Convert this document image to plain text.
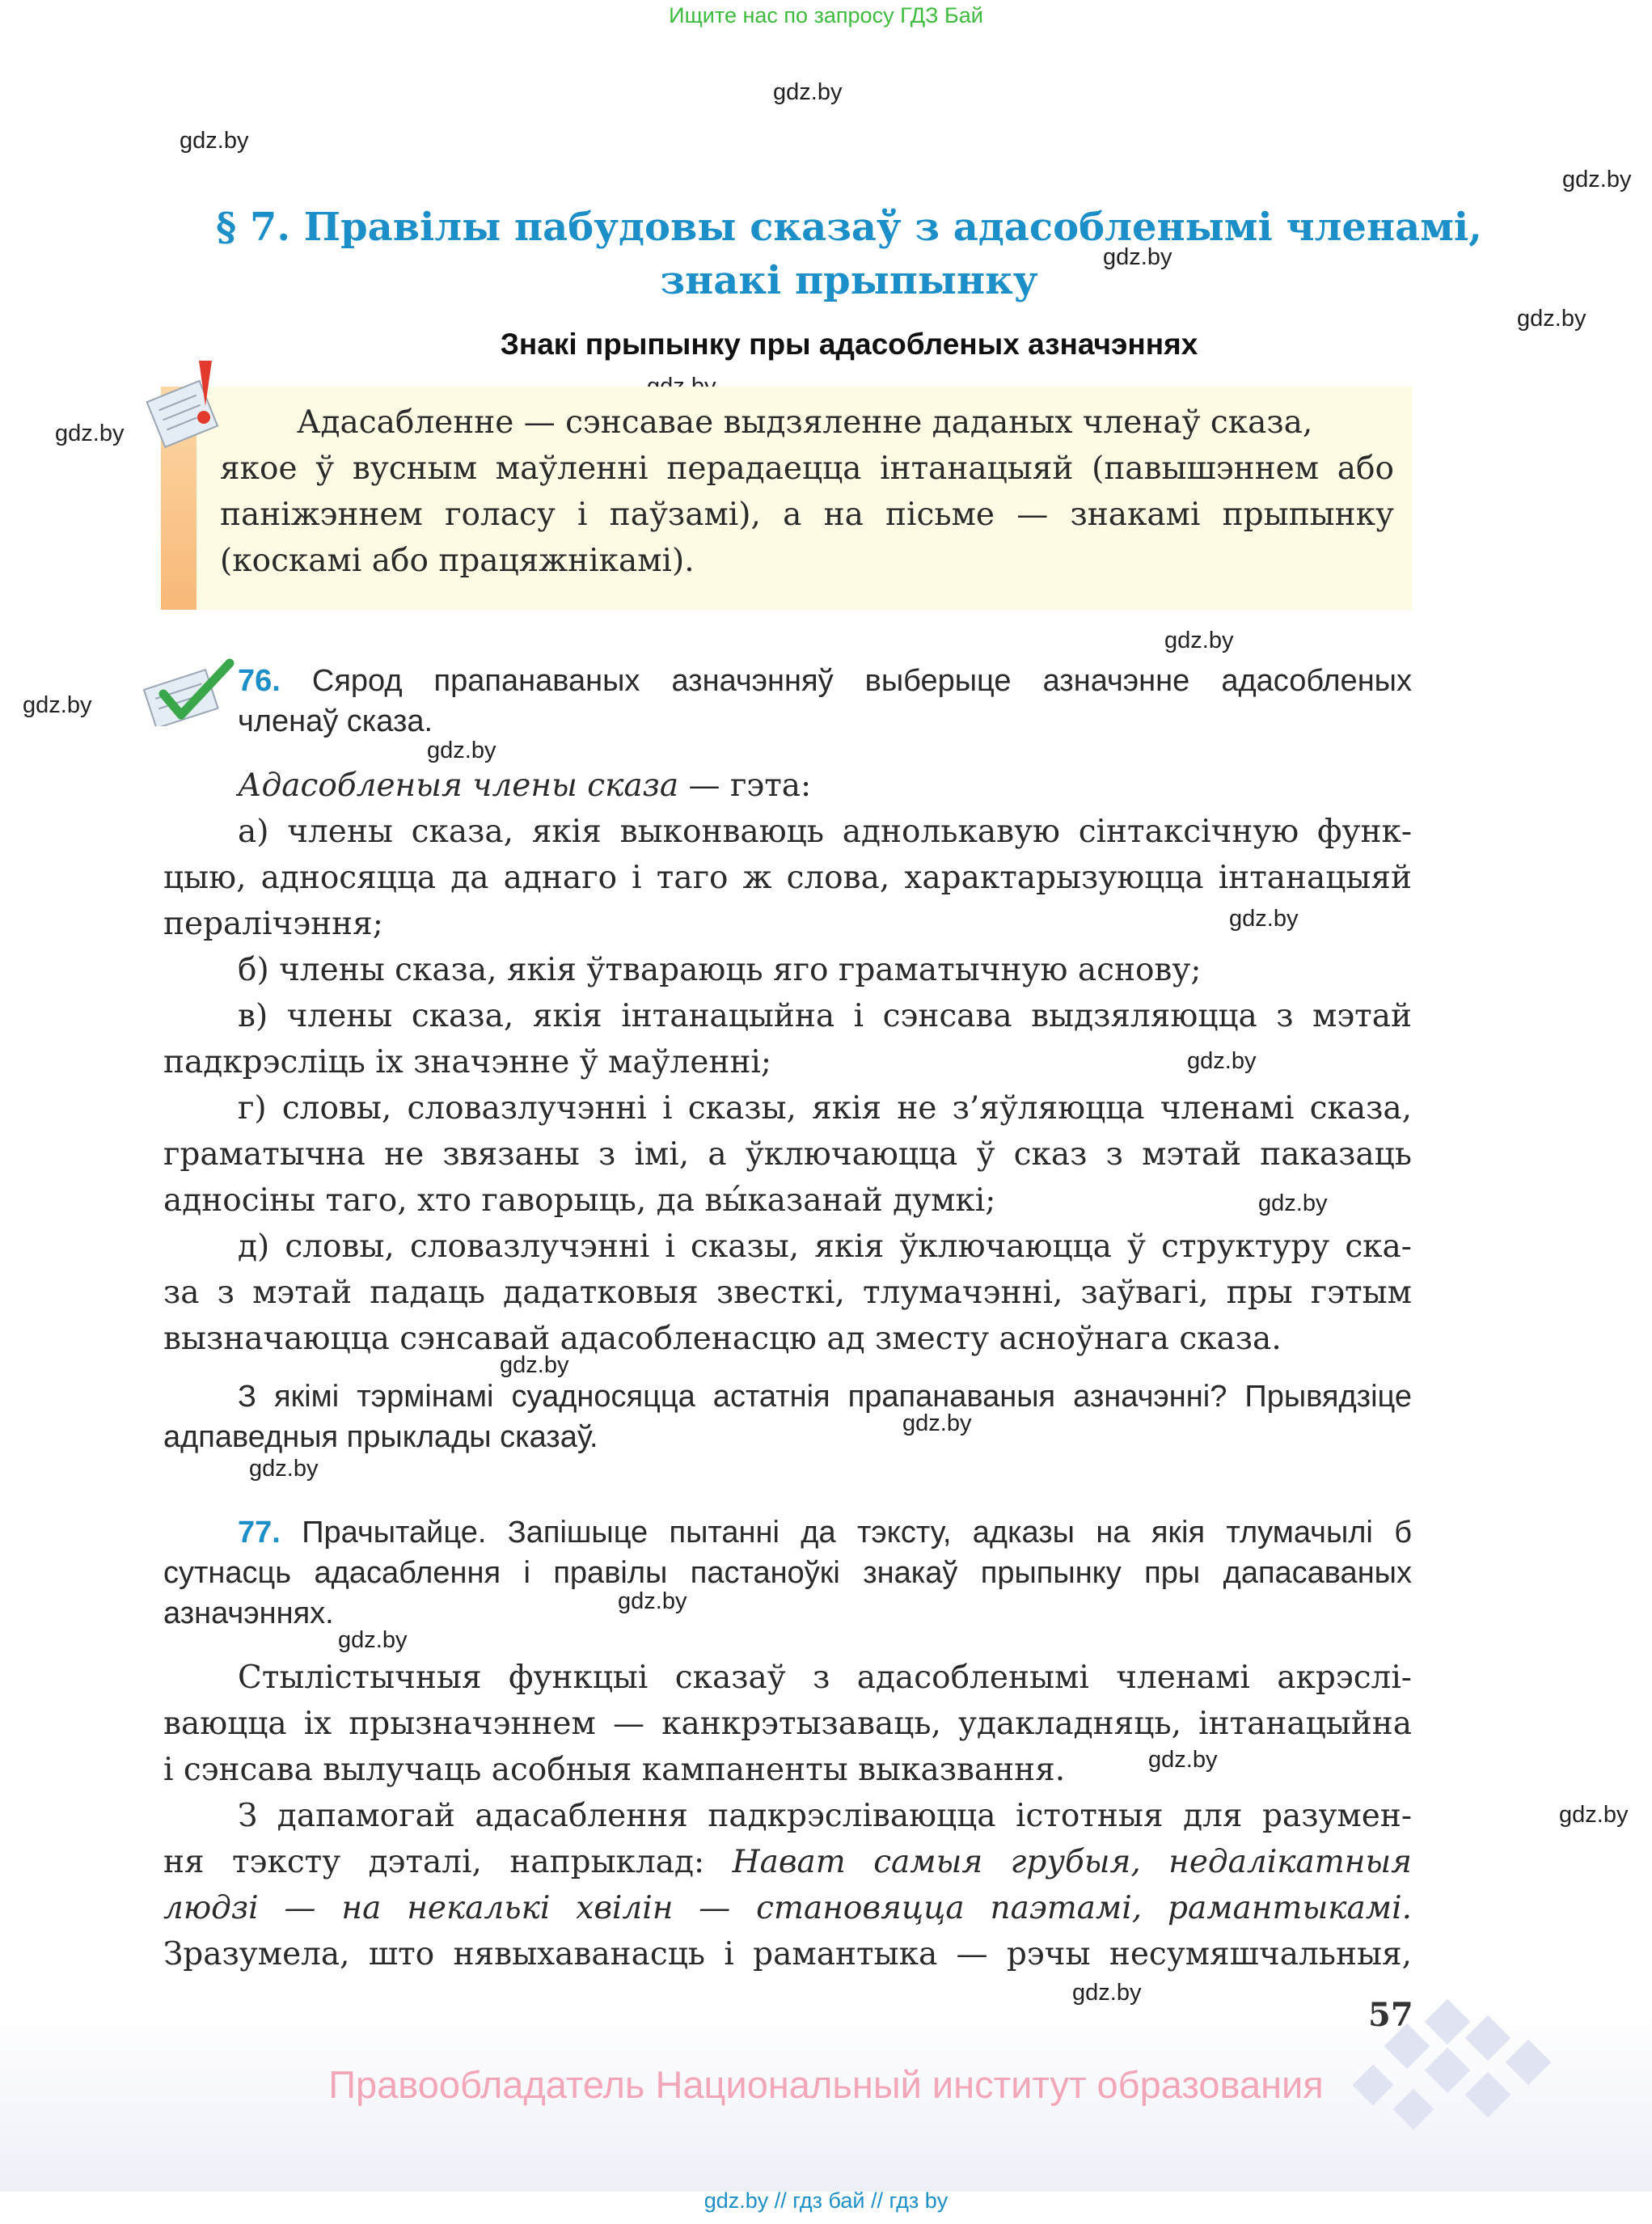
Ищите нас по запросу ГДЗ Бай
gdz.by
gdz.by
gdz.by
gdz.by
gdz.by
gdz.by
gdz.by
gdz.by
gdz.by
gdz.by
gdz.by
gdz.by
gdz.by
gdz.by
gdz.by
gdz.by
gdz.by
gdz.by
gdz.by
gdz.by
§ 7. Правілы пабудовы сказаў з адасобленымі членамі,
знакі прыпынку
Знакі прыпынку пры адасобленых азначэннях
Адасабленне — сэнсавае выдзяленне даданых членаў сказа,
якое ў вусным маўленні перадаецца інтанацыяй (павышэннем або
паніжэннем голасу і паўзамі), а на пісьме — знакамі прыпынку
(коскамі або працяжнікамі).
76. Сярод прапанаваных азначэнняў выберыце азначэнне адасобленых
членаў сказа.
Адасобленыя члены сказа — гэта:
а) члены сказа, якія выконваюць аднолькавую сінтаксічную функ-
цыю, адносяцца да аднаго і таго ж слова, характарызуюцца інтанацыяй
пералічэння;
б) члены сказа, якія ўтвараюць яго граматычную аснову;
в) члены сказа, якія інтанацыйна і сэнсава выдзяляюцца з мэтай
падкрэсліць іх значэнне ў маўленні;
г) словы, словазлучэнні і сказы, якія не з’яўляюцца членамі сказа,
граматычна не звязаны з імі, а ўключаюцца ў сказ з мэтай паказаць
адносіны таго, хто гаворыць, да вы́казанай думкі;
д) словы, словазлучэнні і сказы, якія ўключаюцца ў структуру ска-
за з мэтай падаць дадатковыя звесткі, тлумачэнні, заўвагі, пры гэтым
вызначаюцца сэнсавай адасобленасцю ад зместу асноўнага сказа.
З якімі тэрмінамі суадносяцца астатнія прапанаваныя азначэнні? Прывядзіце
адпаведныя прыклады сказаў.
77. Прачытайце. Запішыце пытанні да тэксту, адказы на якія тлумачылі б
сутнасць адасаблення і правілы пастаноўкі знакаў прыпынку пры дапасаваных
азначэннях.
Стылістычныя функцыі сказаў з адасобленымі членамі акрэслі-
ваюцца іх прызначэннем — канкрэтызаваць, удакладняць, інтанацыйна
і сэнсава вылучаць асобныя кампаненты выказвання.
З дапамогай адасаблення падкрэсліваюцца істотныя для разумен-
ня тэксту дэталі, напрыклад: Нават самыя грубыя, недалікатныя
людзі — на некалькі хвілін — становяцца паэтамі, рамантыкамі.
Зразумела, што нявыхаванасць і рамантыка — рэчы несумяшчальныя,
57
Правообладатель Национальный институт образования
gdz.by // гдз бай // гдз by
